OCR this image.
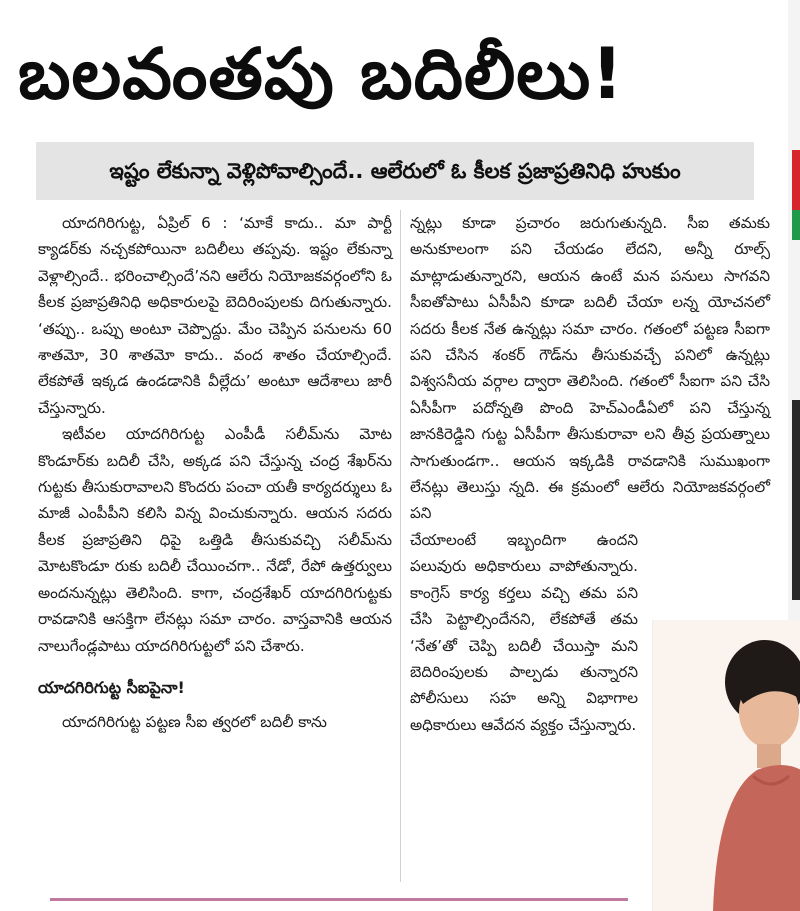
బలవంతపు బదిలీలు!
ఇష్టం లేకున్నా వెళ్లిపోవాల్సిందే.. ఆలేరులో ఓ కీలక ప్రజాప్రతినిధి హుకుం

యాదగిరిగుట్ట, ఏప్రిల్ 6 : ‘మాకే కాదు.. మా పార్టీ క్యాడర్‌కు నచ్చకపోయినా బదిలీలు తప్పవు. ఇష్టం లేకున్నా వెళ్లాల్సిందే.. భరించాల్సిందే’నని ఆలేరు నియోజకవర్గంలోని ఓ కీలక ప్రజాప్రతినిధి అధికారులపై బెదిరింపులకు దిగుతున్నారు. ‘తప్పు.. ఒప్పు అంటూ చెప్పొద్దు. మేం చెప్పిన పనులను 60 శాతమో, 30 శాతమో కాదు.. వంద శాతం చేయాల్సిందే. లేకపోతే ఇక్కడ ఉండడానికి వీల్లేదు’ అంటూ ఆదేశాలు జారీ చేస్తున్నారు.

ఇటీవల యాదగిరిగుట్ట ఎంపీడీ సలీమ్‌ను మోట కొండూర్‌కు బదిలీ చేసి, అక్కడ పని చేస్తున్న చంద్ర శేఖర్‌ను గుట్టకు తీసుకురావాలని కొందరు పంచా యతీ కార్యదర్శులు ఓ మాజీ ఎంపీపీని కలిసి విన్న వించుకున్నారు. ఆయన సదరు కీలక ప్రజాప్రతిని ధిపై ఒత్తిడి తీసుకువచ్చి సలీమ్‌ను మోటకొండూ రుకు బదిలీ చేయించగా.. నేడో, రేపో ఉత్తర్వులు అందనున్నట్లు తెలిసింది. కాగా, చంద్రశేఖర్ యాదగిరిగుట్టకు రావడానికి ఆసక్తిగా లేనట్లు సమా చారం. వాస్తవానికి ఆయన నాలుగేండ్లపాటు యాదగిరిగుట్టలో పని చేశారు.

యాదగిరిగుట్ట సీఐపైనా!

యాదగిరిగుట్ట పట్టణ సీఐ త్వరలో బదిలీ కాను

న్నట్లు కూడా ప్రచారం జరుగుతున్నది. సీఐ తమకు అనుకూలంగా పని చేయడం లేదని, అన్నీ రూల్స్ మాట్లాడుతున్నారని, ఆయన ఉంటే మన పనులు సాగవని సీఐతోపాటు ఏసీపీని కూడా బదిలీ చేయా లన్న యోచనలో సదరు కీలక నేత ఉన్నట్లు సమా చారం. గతంలో పట్టణ సీఐగా పని చేసిన శంకర్ గౌడ్‌ను తీసుకువచ్చే పనిలో ఉన్నట్లు విశ్వసనీయ వర్గాల ద్వారా తెలిసింది. గతంలో సీఐగా పని చేసి ఏసీపీగా పదోన్నతి పొంది హెచ్‌ఎండీఏలో పని చేస్తున్న జానకిరెడ్డిని గుట్ట ఏసీపీగా తీసుకురావా లని తీవ్ర ప్రయత్నాలు సాగుతుండగా.. ఆయన ఇక్కడికి రావడానికి సుముఖంగా లేనట్లు తెలుస్తు న్నది. ఈ క్రమంలో ఆలేరు నియోజకవర్గంలో పని

చేయాలంటే ఇబ్బందిగా ఉందని పలువురు అధికారులు వాపోతున్నారు. కాంగ్రెస్ కార్య కర్తలు వచ్చి తమ పని చేసి పెట్టాల్సిందేనని, లేకపోతే తమ ‘నేత’తో చెప్పి బదిలీ చేయిస్తా మని బెదిరింపులకు పాల్పడు తున్నారని పోలీసులు సహ అన్ని విభాగాల అధికారులు ఆవేదన వ్యక్తం చేస్తున్నారు.
